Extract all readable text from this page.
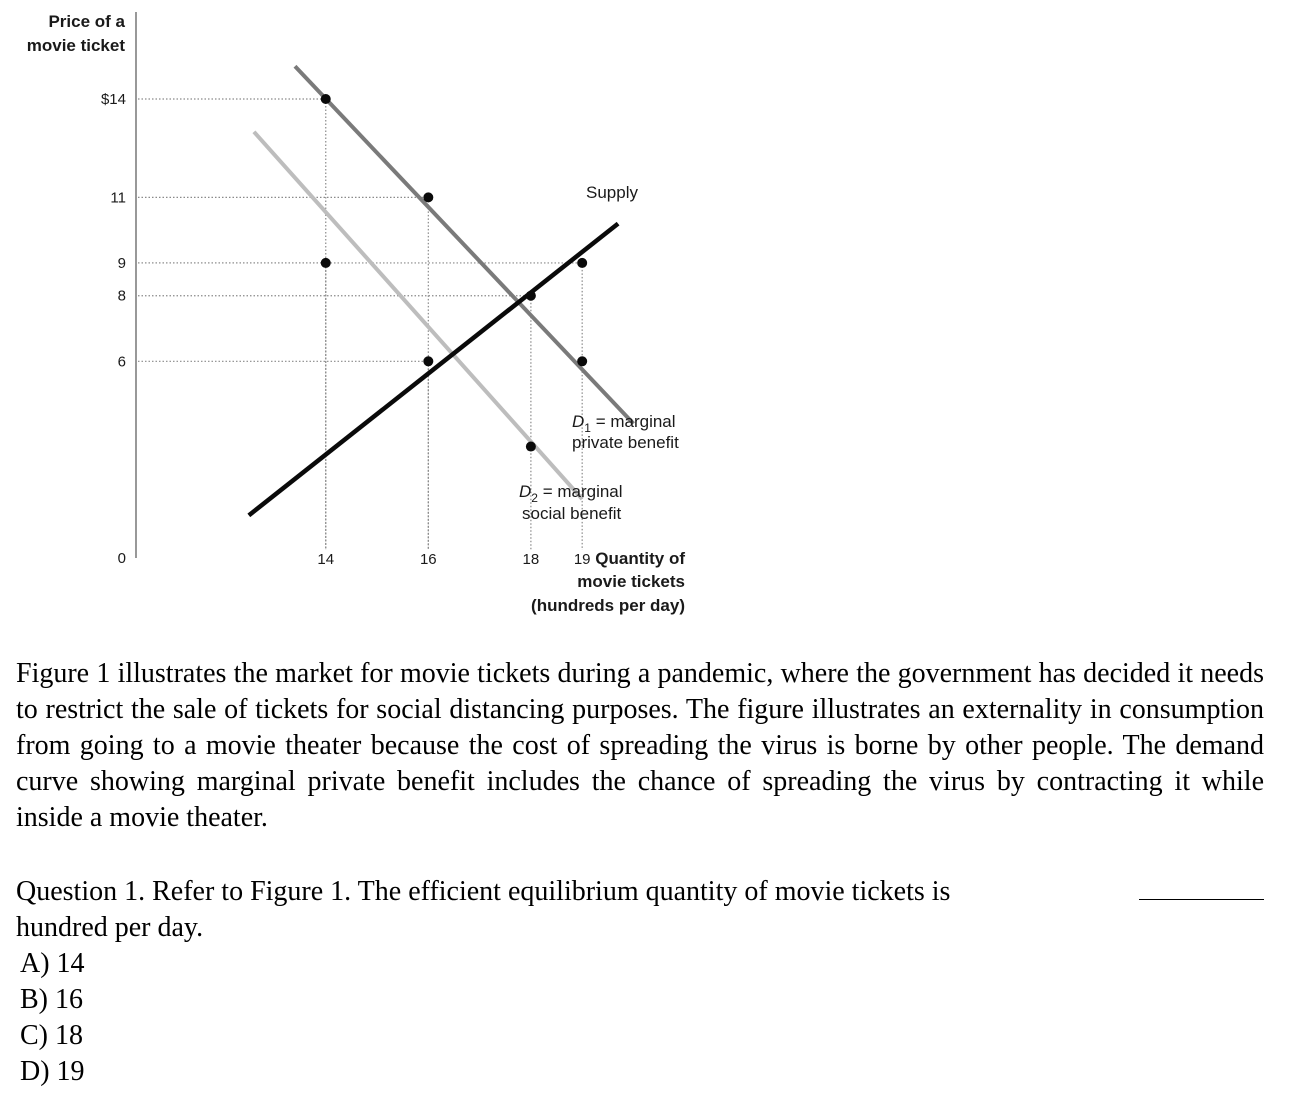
Price of a
movie ticket
Quantity of
movie tickets
(hundreds per day)
$14
11
9
8
6
0	14	16	18 19
Supply
$D_1$ = marginal
private benefit
$D_2$ = marginal
social benefit
Figure 1 illustrates the market for movie tickets during a pandemic, where the government has decided it needs to restrict the sale of tickets for social distancing purposes. The figure illustrates an externality in consumption from going to a movie theater because the cost of spreading the virus is borne by other people. The demand curve showing marginal private benefit includes the chance of spreading the virus by contracting it while inside a movie theater.
Question 1. Refer to Figure 1. The efficient equilibrium quantity of movie tickets is
hundred per day.
A) 14
B) 16
C) 18
D) 19
